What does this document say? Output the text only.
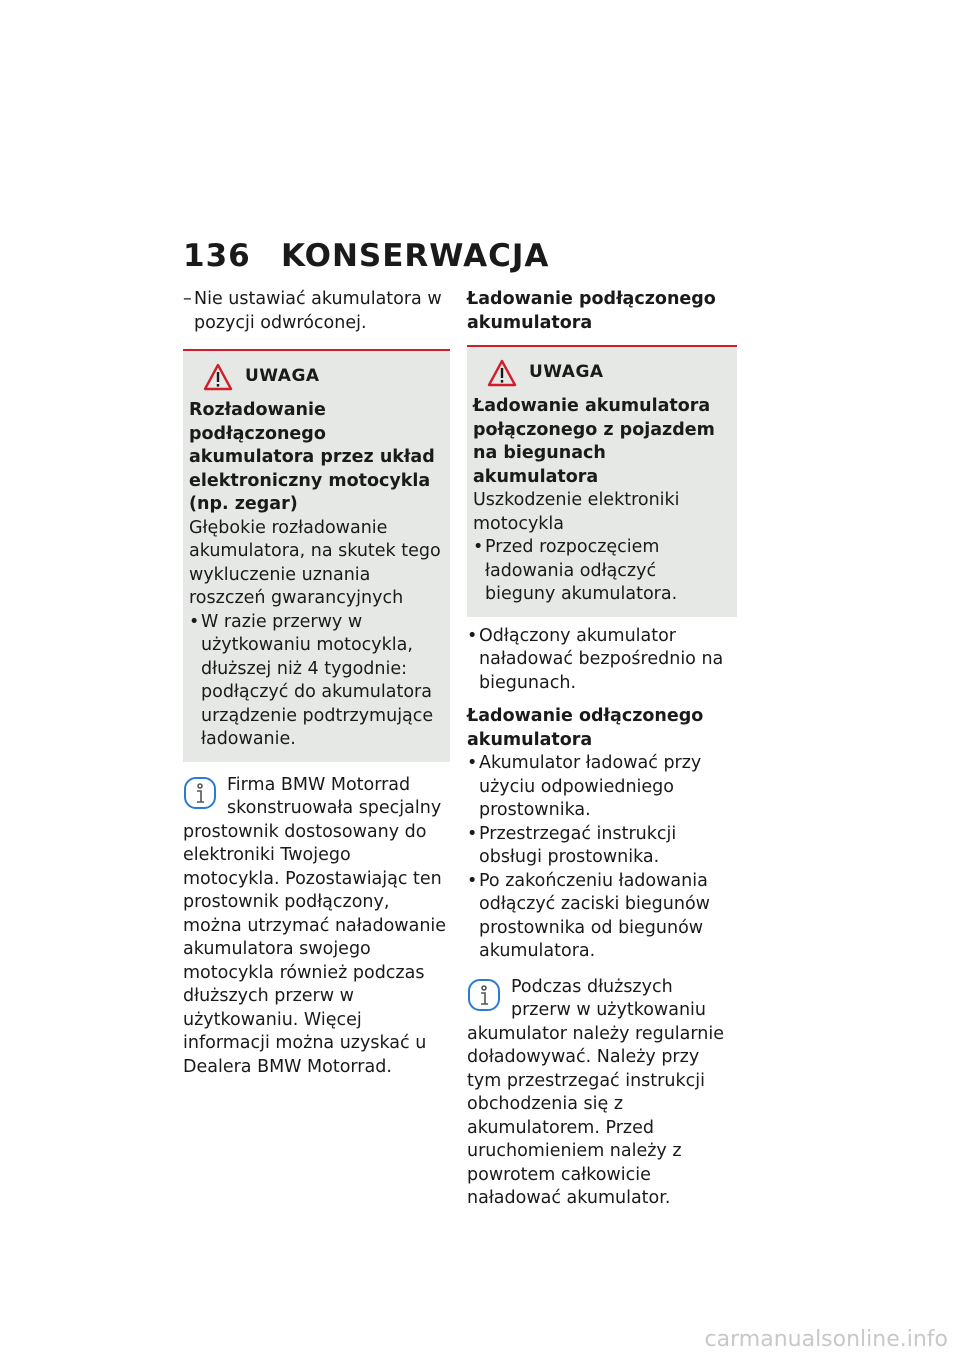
136 KONSERWACJA
– Nie ustawiać akumulatora w pozycji odwróconej.

UWAGA

Rozładowanie podłączonego akumulatora przez układ elektroniczny motocykla (np. zegar)

Głębokie rozładowanie akumulatora, na skutek tego wykluczenie uznania roszczeń gwarancyjnych

• W razie przerwy w użytkowaniu motocykla, dłuższej niż 4 tygodnie: podłączyć do akumulatora urządzenie podtrzymujące ładowanie.

Firma BMW Motorrad skonstruowała specjalny prostownik dostosowany do elektroniki Twojego motocykla. Pozostawiając ten prostownik podłączony, można utrzymać naładowanie akumulatora swojego motocykla również podczas dłuższych przerw w użytkowaniu. Więcej informacji można uzyskać u Dealera BMW Motorrad.

Ładowanie podłączonego akumulatora

UWAGA

Ładowanie akumulatora połączonego z pojazdem na biegunach akumulatora

Uszkodzenie elektroniki motocykla

• Przed rozpoczęciem ładowania odłączyć bieguny akumulatora.

• Odłączony akumulator naładować bezpośrednio na biegunach.

Ładowanie odłączonego akumulatora

• Akumulator ładować przy użyciu odpowiedniego prostownika.

• Przestrzegać instrukcji obsługi prostownika.

• Po zakończeniu ładowania odłączyć zaciski biegunów prostownika od biegunów akumulatora.

Podczas dłuższych przerw w użytkowaniu akumulator należy regularnie doładowywać. Należy przy tym przestrzegać instrukcji obchodzenia się z akumulatorem. Przed uruchomieniem należy z powrotem całkowicie naładować akumulator.

carmanualsonline.info
